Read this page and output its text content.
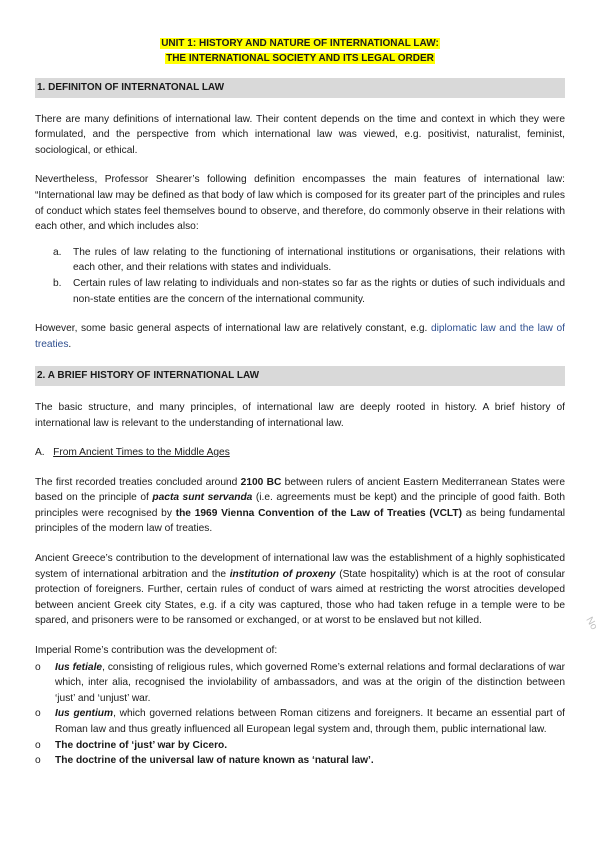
UNIT 1: HISTORY AND NATURE OF INTERNATIONAL LAW:
THE INTERNATIONAL SOCIETY AND ITS LEGAL ORDER
1. DEFINITON OF INTERNATONAL LAW

There are many definitions of international law. Their content depends on the time and context in which they were formulated, and the perspective from which international law was viewed, e.g. positivist, naturalist, feminist, sociological, or ethical.

Nevertheless, Professor Shearer’s following definition encompasses the main features of international law: “International law may be defined as that body of law which is composed for its greater part of the principles and rules of conduct which states feel themselves bound to observe, and therefore, do commonly observe in their relations with each other, and which includes also:

a. The rules of law relating to the functioning of international institutions or organisations, their relations with each other, and their relations with states and individuals.
b. Certain rules of law relating to individuals and non-states so far as the rights or duties of such individuals and non-state entities are the concern of the international community.

However, some basic general aspects of international law are relatively constant, e.g. diplomatic law and the law of treaties.

2. A BRIEF HISTORY OF INTERNATIONAL LAW

The basic structure, and many principles, of international law are deeply rooted in history. A brief history of international law is relevant to the understanding of international law.

A. From Ancient Times to the Middle Ages

The first recorded treaties concluded around 2100 BC between rulers of ancient Eastern Mediterranean States were based on the principle of pacta sunt servanda (i.e. agreements must be kept) and the principle of good faith. Both principles were recognised by the 1969 Vienna Convention of the Law of Treaties (VCLT) as being fundamental principles of the modern law of treaties.

Ancient Greece’s contribution to the development of international law was the establishment of a highly sophisticated system of international arbitration and the institution of proxeny (State hospitality) which is at the root of consular protection of foreigners. Further, certain rules of conduct of wars aimed at restricting the worst atrocities developed between ancient Greek city States, e.g. if a city was captured, those who had taken refuge in a temple were to be spared, and prisoners were to be ransomed or exchanged, or at worst to be enslaved but not killed.

Imperial Rome’s contribution was the development of:
o Ius fetiale, consisting of religious rules, which governed Rome’s external relations and formal declarations of war which, inter alia, recognised the inviolability of ambassadors, and was at the origin of the distinction between ‘just’ and ‘unjust’ war.
o Ius gentium, which governed relations between Roman citizens and foreigners. It became an essential part of Roman law and thus greatly influenced all European legal system and, through them, public international law.
o The doctrine of ‘just’ war by Cicero.
o The doctrine of the universal law of nature known as ‘natural law’.
No
